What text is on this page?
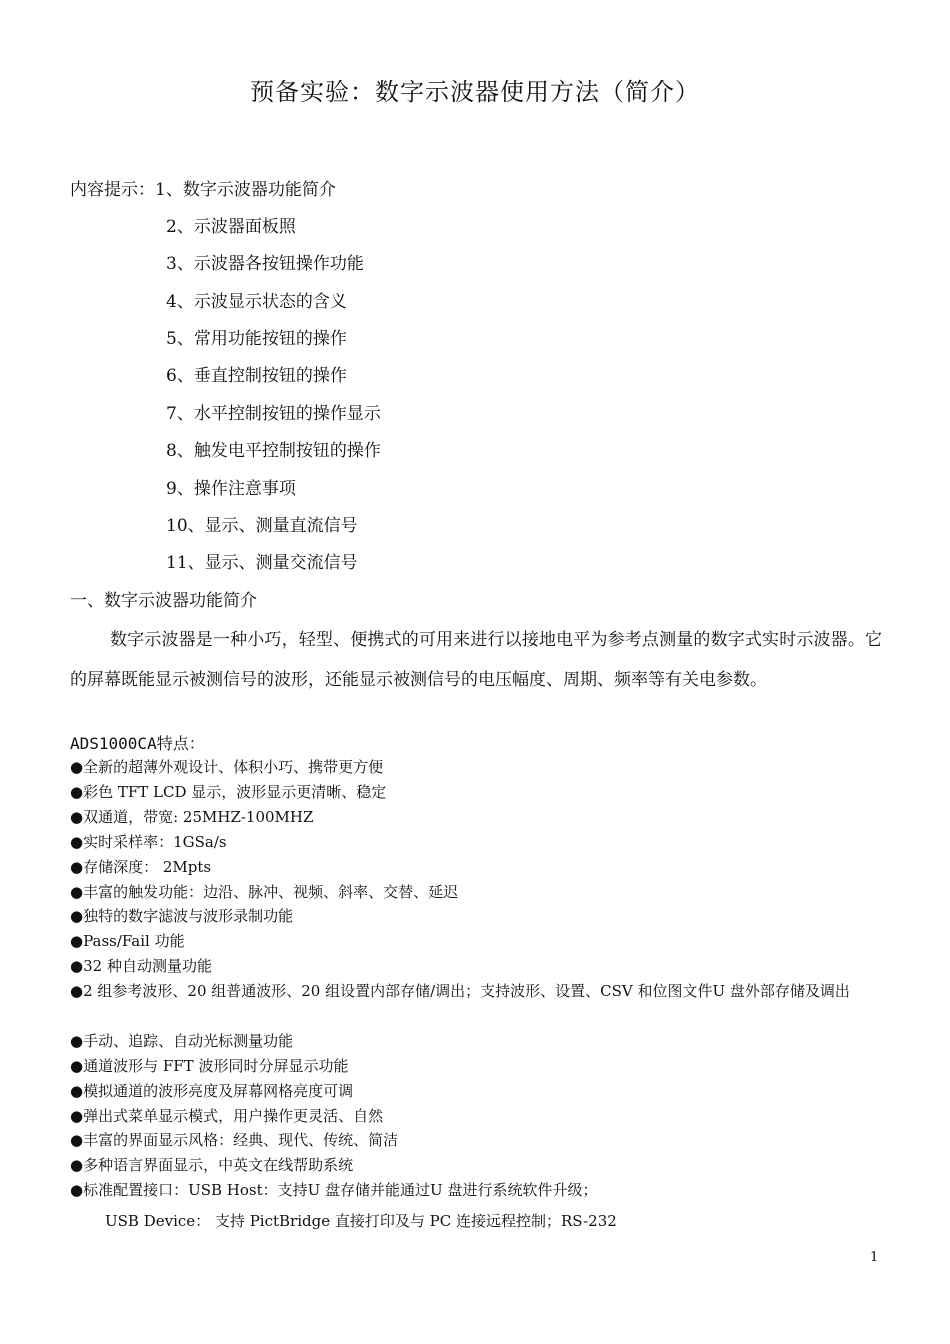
预备实验：数字示波器使用方法（简介）
内容提示：1、数字示波器功能简介
2、示波器面板照
3、示波器各按钮操作功能
4、示波显示状态的含义
5、常用功能按钮的操作
6、垂直控制按钮的操作
7、水平控制按钮的操作显示
8、触发电平控制按钮的操作
9、操作注意事项
10、显示、测量直流信号
11、显示、测量交流信号
一、数字示波器功能简介
数字示波器是一种小巧，轻型、便携式的可用来进行以接地电平为参考点测量的数字式实时示波器。它的屏幕既能显示被测信号的波形，还能显示被测信号的电压幅度、周期、频率等有关电参数。
ADS1000CA特点：
●全新的超薄外观设计、体积小巧、携带更方便
●彩色 TFT LCD 显示，波形显示更清晰、稳定
●双通道，带宽: 25MHZ-100MHZ
●实时采样率：1GSa/s
●存储深度： 2Mpts
●丰富的触发功能：边沿、脉冲、视频、斜率、交替、延迟
●独特的数字滤波与波形录制功能
●Pass/Fail 功能
●32 种自动测量功能
●2 组参考波形、20 组普通波形、20 组设置内部存储/调出；支持波形、设置、CSV 和位图文件U 盘外部存储及调出
●手动、追踪、自动光标测量功能
●通道波形与 FFT 波形同时分屏显示功能
●模拟通道的波形亮度及屏幕网格亮度可调
●弹出式菜单显示模式，用户操作更灵活、自然
●丰富的界面显示风格：经典、现代、传统、简洁
●多种语言界面显示，中英文在线帮助系统
●标准配置接口：USB Host：支持U 盘存储并能通过U 盘进行系统软件升级；
USB Device： 支持 PictBridge 直接打印及与 PC 连接远程控制；RS-232
1
